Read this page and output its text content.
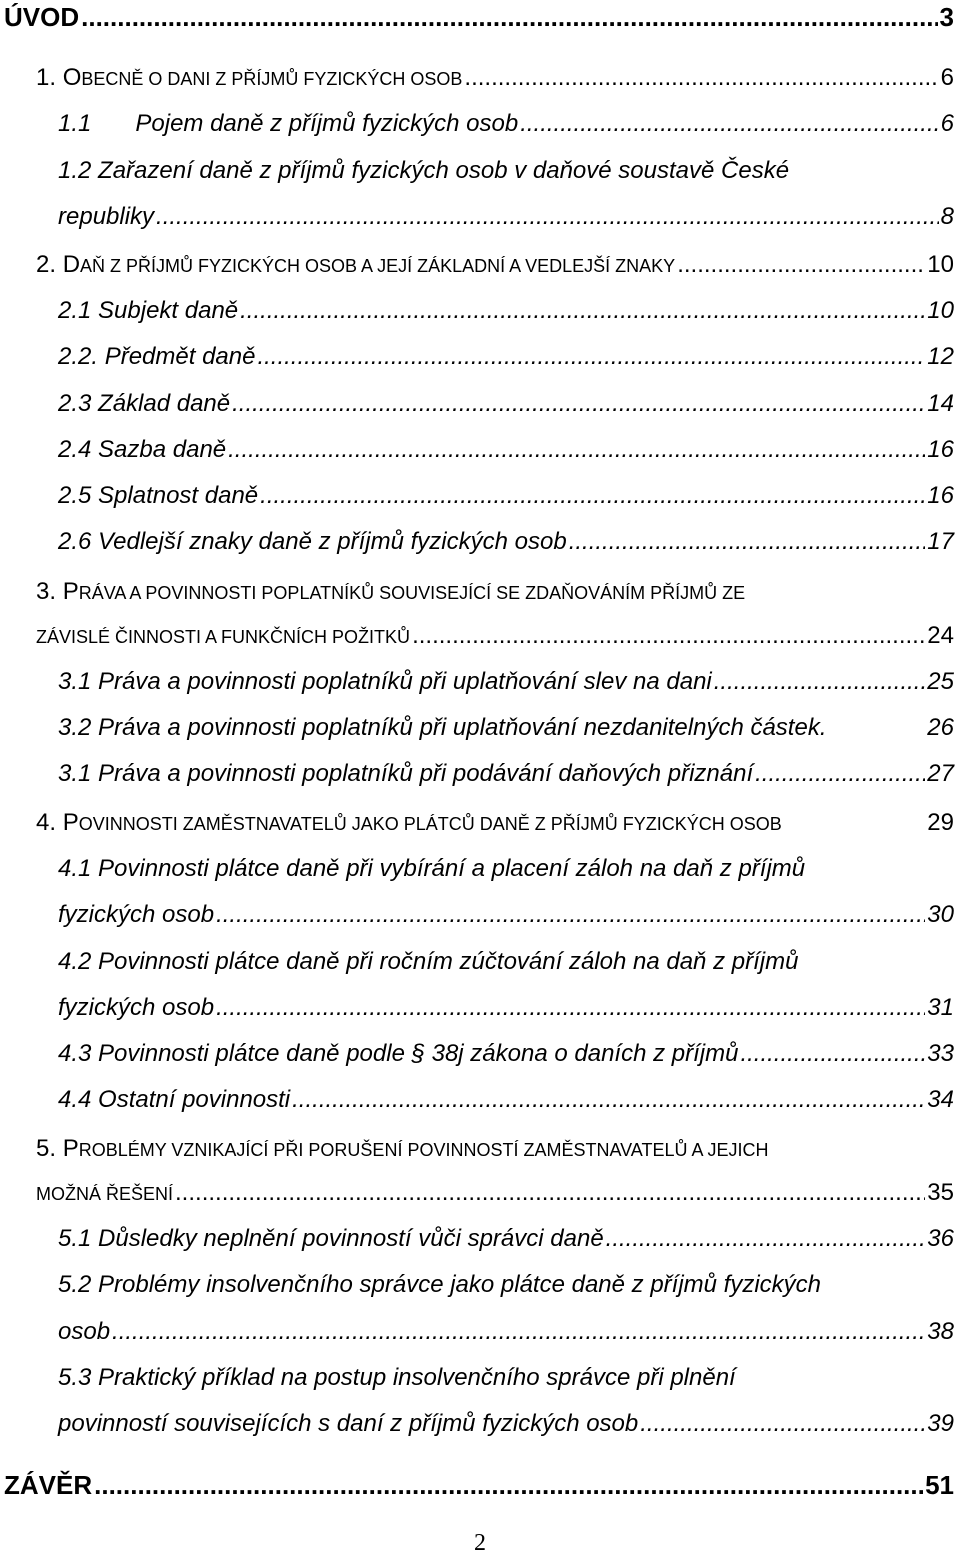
ÚVOD .....	3
1. OBECNĚ O DANI Z PŘÍJMŮ FYZICKÝCH OSOB .....	6
1.1 Pojem daně z příjmů fyzických osob .....	6
1.2 Zařazení daně z příjmů fyzických osob v daňové soustavě České
republiky .....	8
2. DAŇ Z PŘÍJMŮ FYZICKÝCH OSOB A JEJÍ ZÁKLADNÍ A VEDLEJŠÍ ZNAKY .....	10
2.1 Subjekt daně .....	10
2.2. Předmět daně .....	12
2.3 Základ daně .....	14
2.4 Sazba daně .....	16
2.5 Splatnost daně .....	16
2.6 Vedlejší znaky daně z příjmů fyzických osob .....	17
3. PRÁVA A POVINNOSTI POPLATNÍKŮ SOUVISEJÍCÍ SE ZDAŇOVÁNÍM PŘÍJMŮ ZE
ZÁVISLÉ ČINNOSTI A FUNKČNÍCH POŽITKŮ .....	24
3.1 Práva a povinnosti poplatníků při uplatňování slev na dani .....	25
3.2 Práva a povinnosti poplatníků při uplatňování nezdanitelných částek.	26
3.1 Práva a povinnosti poplatníků při podávání daňových přiznání .....	27
4. POVINNOSTI ZAMĚSTNAVATELŮ JAKO PLÁTCŮ DANĚ Z PŘÍJMŮ FYZICKÝCH OSOB	29
4.1 Povinnosti plátce daně při vybírání a placení záloh na daň z příjmů
fyzických osob .....	30
4.2 Povinnosti plátce daně při ročním zúčtování záloh na daň z příjmů
fyzických osob .....	31
4.3 Povinnosti plátce daně podle § 38j zákona o daních z příjmů .....	33
4.4 Ostatní povinnosti .....	34
5. PROBLÉMY VZNIKAJÍCÍ PŘI PORUŠENÍ POVINNOSTÍ ZAMĚSTNAVATELŮ A JEJICH
MOŽNÁ ŘEŠENÍ .....	35
5.1 Důsledky neplnění povinností vůči správci daně .....	36
5.2 Problémy insolvenčního správce jako plátce daně z příjmů fyzických
osob .....	38
5.3 Praktický příklad na postup insolvenčního správce při plnění
povinností souvisejících s daní z příjmů fyzických osob .....	39
ZÁVĚR .....	51
2
